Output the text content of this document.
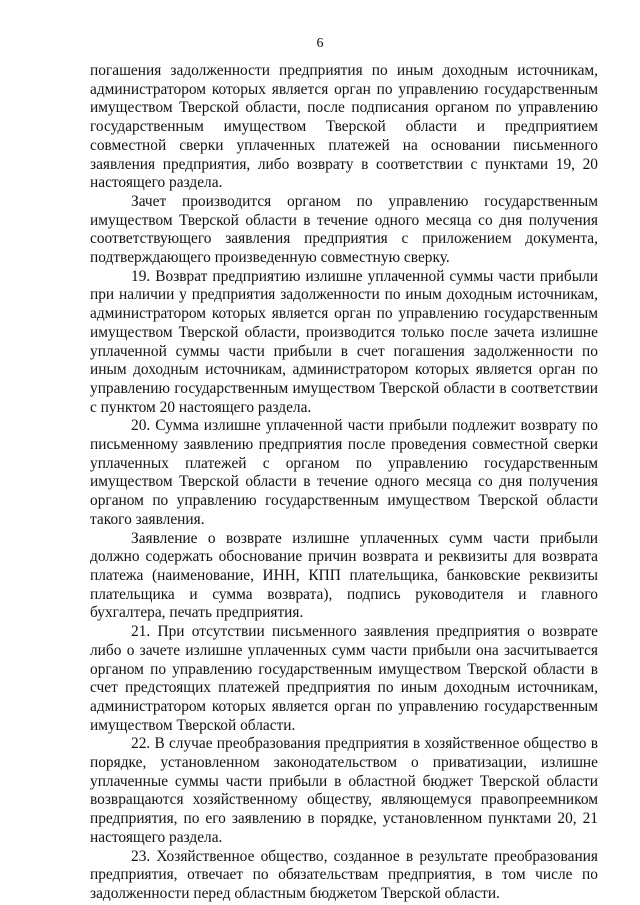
6

погашения задолженности предприятия по иным доходным источникам, администратором которых является орган по управлению государственным имуществом Тверской области, после подписания органом по управлению государственным имуществом Тверской области и предприятием совместной сверки уплаченных платежей на основании письменного заявления предприятия, либо возврату в соответствии с пунктами 19, 20 настоящего раздела.

Зачет производится органом по управлению государственным имуществом Тверской области в течение одного месяца со дня получения соответствующего заявления предприятия с приложением документа, подтверждающего произведенную совместную сверку.

19. Возврат предприятию излишне уплаченной суммы части прибыли при наличии у предприятия задолженности по иным доходным источникам, администратором которых является орган по управлению государственным имуществом Тверской области, производится только после зачета излишне уплаченной суммы части прибыли в счет погашения задолженности по иным доходным источникам, администратором которых является орган по управлению государственным имуществом Тверской области в соответствии с пунктом 20 настоящего раздела.

20. Сумма излишне уплаченной части прибыли подлежит возврату по письменному заявлению предприятия после проведения совместной сверки уплаченных платежей с органом по управлению государственным имуществом Тверской области в течение одного месяца со дня получения органом по управлению государственным имуществом Тверской области такого заявления.

Заявление о возврате излишне уплаченных сумм части прибыли должно содержать обоснование причин возврата и реквизиты для возврата платежа (наименование, ИНН, КПП плательщика, банковские реквизиты плательщика и сумма возврата), подпись руководителя и главного бухгалтера, печать предприятия.

21. При отсутствии письменного заявления предприятия о возврате либо о зачете излишне уплаченных сумм части прибыли она засчитывается органом по управлению государственным имуществом Тверской области в счет предстоящих платежей предприятия по иным доходным источникам, администратором которых является орган по управлению государственным имуществом Тверской области.

22. В случае преобразования предприятия в хозяйственное общество в порядке, установленном законодательством о приватизации, излишне уплаченные суммы части прибыли в областной бюджет Тверской области возвращаются хозяйственному обществу, являющемуся правопреемником предприятия, по его заявлению в порядке, установленном пунктами 20, 21 настоящего раздела.

23. Хозяйственное общество, созданное в результате преобразования предприятия, отвечает по обязательствам предприятия, в том числе по задолженности перед областным бюджетом Тверской области.
